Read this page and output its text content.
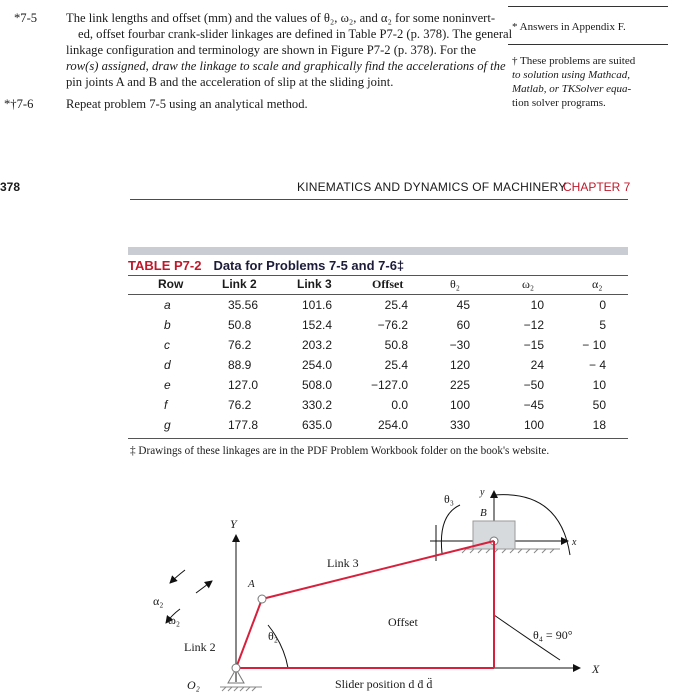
*7-5 The link lengths and offset (mm) and the values of θ₂, ω₂, and α₂ for some noninvert-
ed, offset fourbar crank-slider linkages are defined in Table P7-2 (p. 378). The general
linkage configuration and terminology are shown in Figure P7-2 (p. 378). For the
row(s) assigned, draw the linkage to scale and graphically find the accelerations of the
pin joints A and B and the acceleration of slip at the sliding joint.
*†7-6	Repeat problem 7-5 using an analytical method.
* Answers in Appendix F.
† These problems are suited
to solution using Mathcad,
Matlab, or TKSolver equa-
tion solver programs.
378	KINEMATICS AND DYNAMICS OF MACHINERY
CHAPTER 7
TABLE P7-2 Data for Problems 7-5 and 7-6‡
Row	Link 2	Link 3	Offset	θ₂	ω₂	α₂
a	35.56	101.6	25.4	45	10	0
b	50.8	152.4	−76.2	60	−12	5
c	76.2	203.2	50.8	−30	−15	− 10
d	88.9	254.0	25.4	120	24	− 4
e	127.0	508.0	−127.0	225	−50	10
f	76.2	330.2	0.0	100	−45	50
g	177.8	635.0	254.0	330	100	18
‡ Drawings of these linkages are in the PDF Problem Workbook folder on the book's website.
Y
X
y
x
A
B
α₂
ω₂
θ₂
θ₃
θ₄ = 90°
Link 2
Link 3
Offset
O₂	Slider position d ḋ d̈
